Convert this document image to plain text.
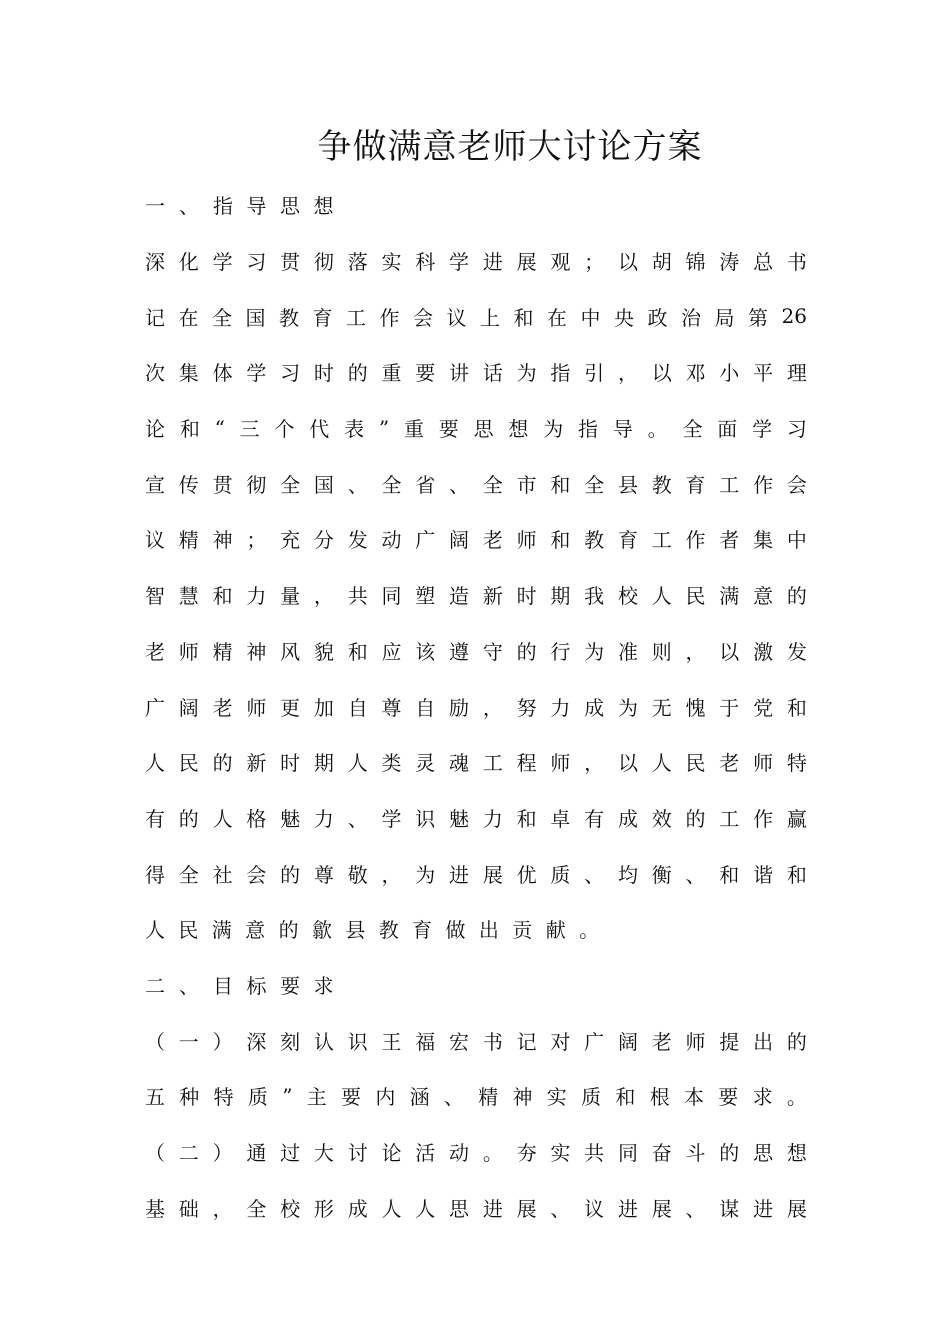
争做满意老师大讨论方案
一、 指导思想
深 化 学 习 贯 彻 落 实 科 学 进 展 观 ； 以 胡 锦 涛 总 书
记 在 全 国 教 育 工 作 会 议 上 和 在 中 央 政 治 局 第 26
次 集 体 学 习 时 的 重 要 讲 话 为 指 引 ， 以 邓 小 平 理
论 和 “ 三 个 代 表 ” 重 要 思 想 为 指 导 。 全 面 学 习
宣 传 贯 彻 全 国 、 全 省 、 全 市 和 全 县 教 育 工 作 会
议 精 神 ； 充 分 发 动 广 阔 老 师 和 教 育 工 作 者 集 中
智 慧 和 力 量 ， 共 同 塑 造 新 时 期 我 校 人 民 满 意 的
老 师 精 神 风 貌 和 应 该 遵 守 的 行 为 准 则 ， 以 激 发
广 阔 老 师 更 加 自 尊 自 励 ， 努 力 成 为 无 愧 于 党 和
人 民 的 新 时 期 人 类 灵 魂 工 程 师 ， 以 人 民 老 师 特
有 的 人 格 魅 力 、 学 识 魅 力 和 卓 有 成 效 的 工 作 赢
得 全 社 会 的 尊 敬 ， 为 进 展 优 质 、 均 衡 、 和 谐 和
人 民 满 意 的 歙 县 教 育 做 出 贡 献 。
二、 目标要求
（ 一 ） 深 刻 认 识 王 福 宏 书 记 对 广 阔 老 师 提 出 的
五 种 特 质 ” 主 要 内 涵 、 精 神 实 质 和 根 本 要 求 。
（ 二 ） 通 过 大 讨 论 活 动 。 夯 实 共 同 奋 斗 的 思 想
基 础 ， 全 校 形 成 人 人 思 进 展 、 议 进 展 、 谋 进 展
